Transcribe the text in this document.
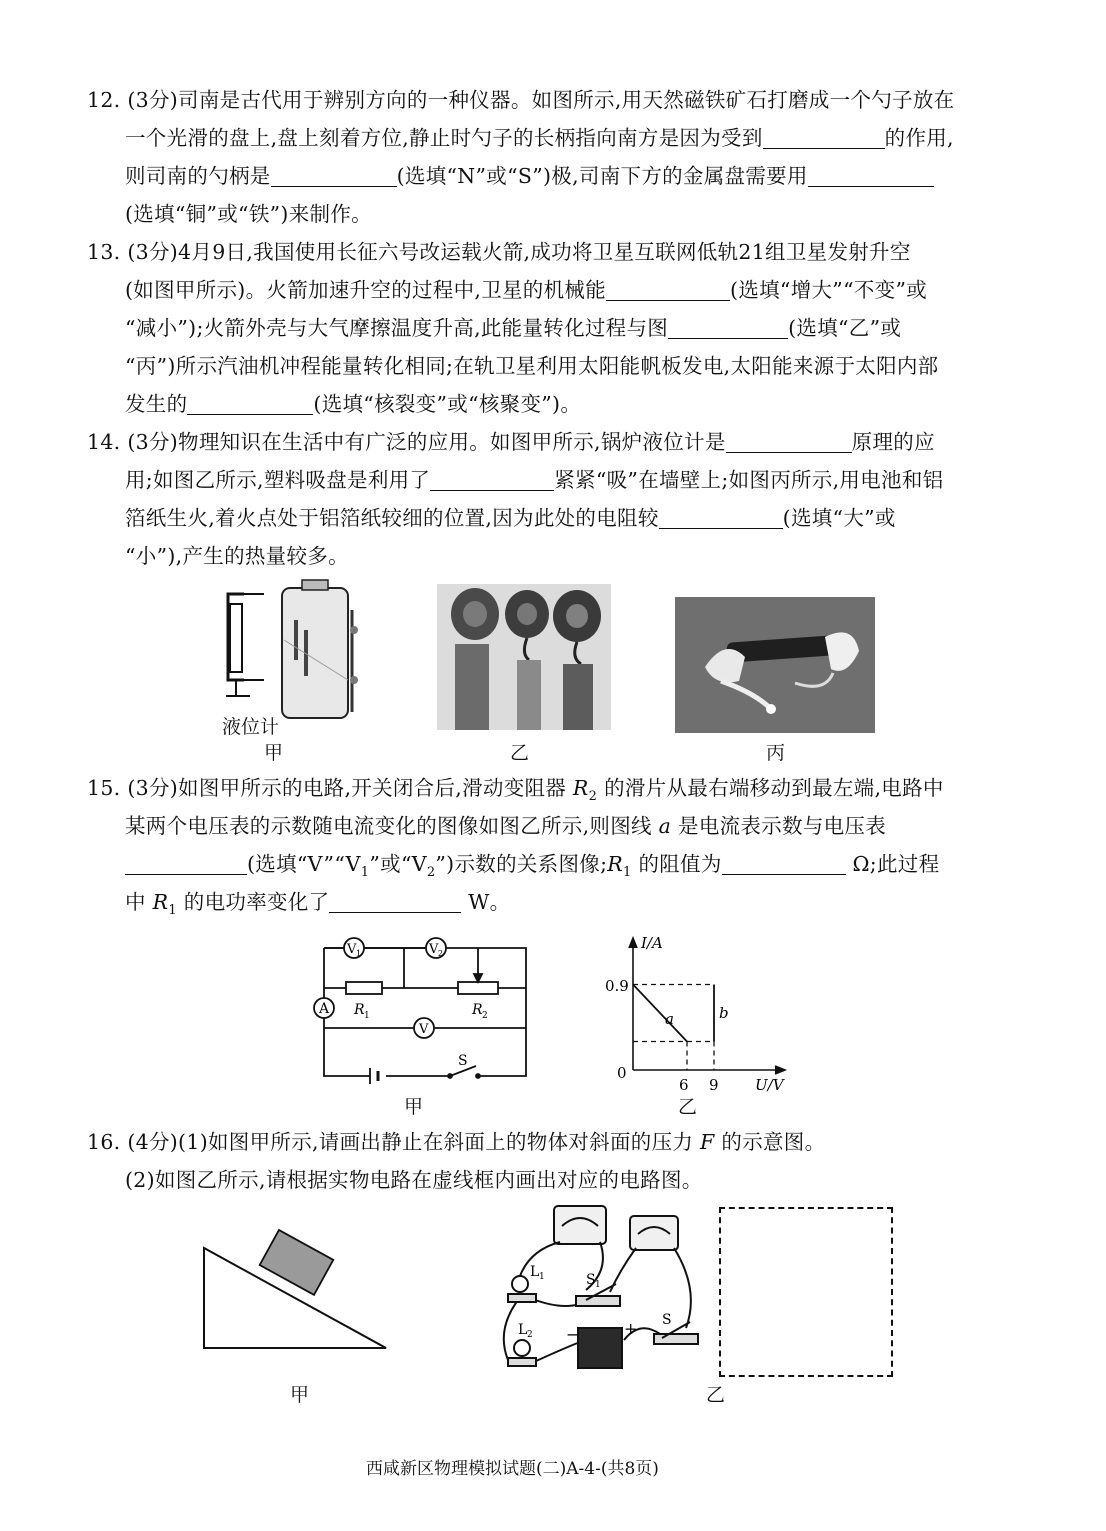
12. (3分)司南是古代用于辨别方向的一种仪器。如图所示,用天然磁铁矿石打磨成一个勺子放在
一个光滑的盘上,盘上刻着方位,静止时勺子的长柄指向南方是因为受到	的作用,
则司南的勺柄是	(选填“N”或“S”)极,司南下方的金属盘需要用
(选填“铜”或“铁”)来制作。
13. (3分)4月9日,我国使用长征六号改运载火箭,成功将卫星互联网低轨21组卫星发射升空
(如图甲所示)。火箭加速升空的过程中,卫星的机械能	(选填“增大”“不变”或
“减小”);火箭外壳与大气摩擦温度升高,此能量转化过程与图	(选填“乙”或
“丙”)所示汽油机冲程能量转化相同;在轨卫星利用太阳能帆板发电,太阳能来源于太阳内部
发生的	(选填“核裂变”或“核聚变”)。
14. (3分)物理知识在生活中有广泛的应用。如图甲所示,锅炉液位计是	原理的应
用;如图乙所示,塑料吸盘是利用了	紧紧“吸”在墙壁上;如图丙所示,用电池和铝
箔纸生火,着火点处于铝箔纸较细的位置,因为此处的电阻较	(选填“大”或
“小”),产生的热量较多。
液位计
甲	乙	丙
15. (3分)如图甲所示的电路,开关闭合后,滑动变阻器 $R_2$ 的滑片从最右端移动到最左端,电路中
某两个电压表的示数随电流变化的图像如图乙所示,则图线 a 是电流表示数与电压表
(选填“$V”“V_1$”或“$V_2$”)示数的关系图像$;R_1$ 的阻值为	Ω;此过程
中 $R_1$ 的电功率变化了	W。
A
V 1	V 2
V
R 1	R 2
S
甲
I/A
U/V
0.9
0
6 9
a	b
乙
16. (4分)(1)如图甲所示,请画出静止在斜面上的物体对斜面的压力 F 的示意图。
(2)如图乙所示,请根据实物电路在虚线框内画出对应的电路图。
甲
L 1	S 1
L 2 −	+ S
乙
西咸新区物理模拟试题(二)A-4-(共8页)
